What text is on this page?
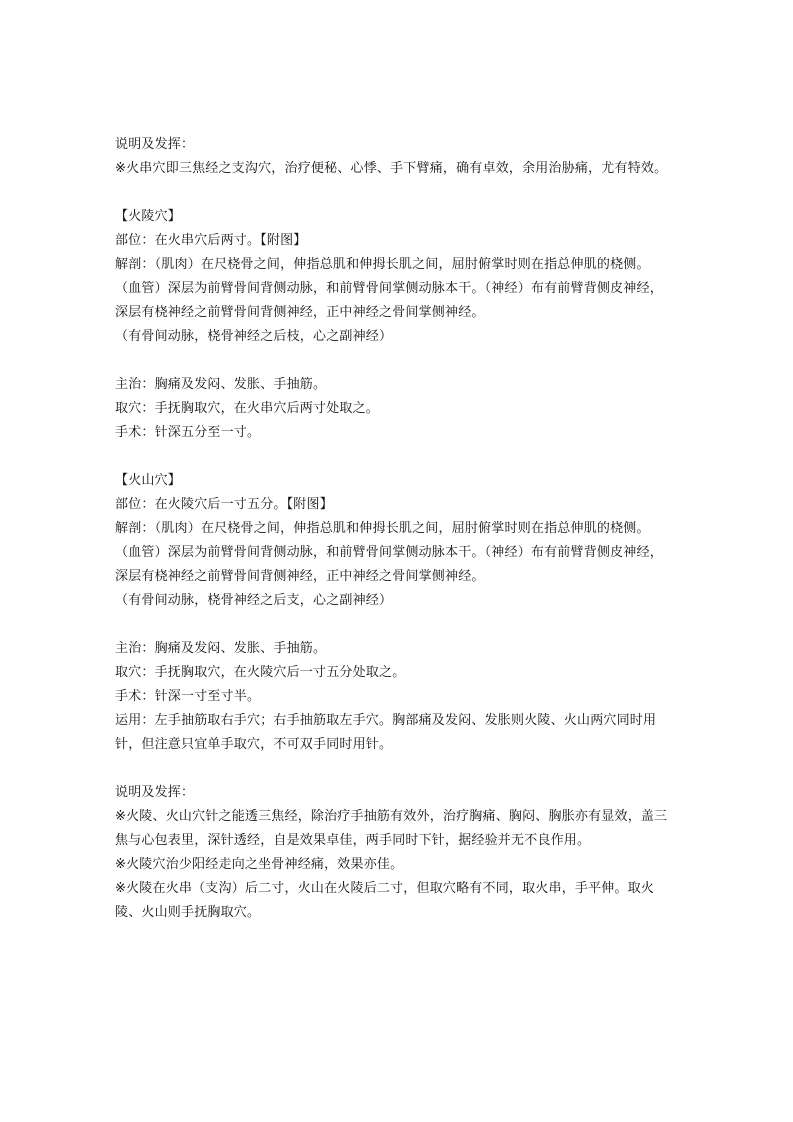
说明及发挥：
※火串穴即三焦经之支沟穴，治疗便秘、心悸、手下臂痛，确有卓效，余用治胁痛，尤有特效。
【火陵穴】
部位：在火串穴后两寸。【附图】
解剖：（肌肉）在尺桡骨之间，伸指总肌和伸拇长肌之间，屈肘俯掌时则在指总伸肌的桡侧。
（血管）深层为前臂骨间背侧动脉，和前臂骨间掌侧动脉本干。（神经）布有前臂背侧皮神经，
深层有桡神经之前臂骨间背侧神经，正中神经之骨间掌侧神经。
（有骨间动脉，桡骨神经之后枝，心之副神经）
主治：胸痛及发闷、发胀、手抽筋。
取穴：手抚胸取穴，在火串穴后两寸处取之。
手术：针深五分至一寸。
【火山穴】
部位：在火陵穴后一寸五分。【附图】
解剖：（肌肉）在尺桡骨之间，伸指总肌和伸拇长肌之间，屈肘俯掌时则在指总伸肌的桡侧。
（血管）深层为前臂骨间背侧动脉，和前臂骨间掌侧动脉本干。（神经）布有前臂背侧皮神经，
深层有桡神经之前臂骨间背侧神经，正中神经之骨间掌侧神经。
（有骨间动脉，桡骨神经之后支，心之副神经）
主治：胸痛及发闷、发胀、手抽筋。
取穴：手抚胸取穴，在火陵穴后一寸五分处取之。
手术：针深一寸至寸半。
运用：左手抽筋取右手穴；右手抽筋取左手穴。胸部痛及发闷、发胀则火陵、火山两穴同时用
针，但注意只宜单手取穴，不可双手同时用针。
说明及发挥：
※火陵、火山穴针之能透三焦经，除治疗手抽筋有效外，治疗胸痛、胸闷、胸胀亦有显效，盖三
焦与心包表里，深针透经，自是效果卓佳，两手同时下针，据经验并无不良作用。
※火陵穴治少阳经走向之坐骨神经痛，效果亦佳。
※火陵在火串（支沟）后二寸，火山在火陵后二寸，但取穴略有不同，取火串，手平伸。取火
陵、火山则手抚胸取穴。
